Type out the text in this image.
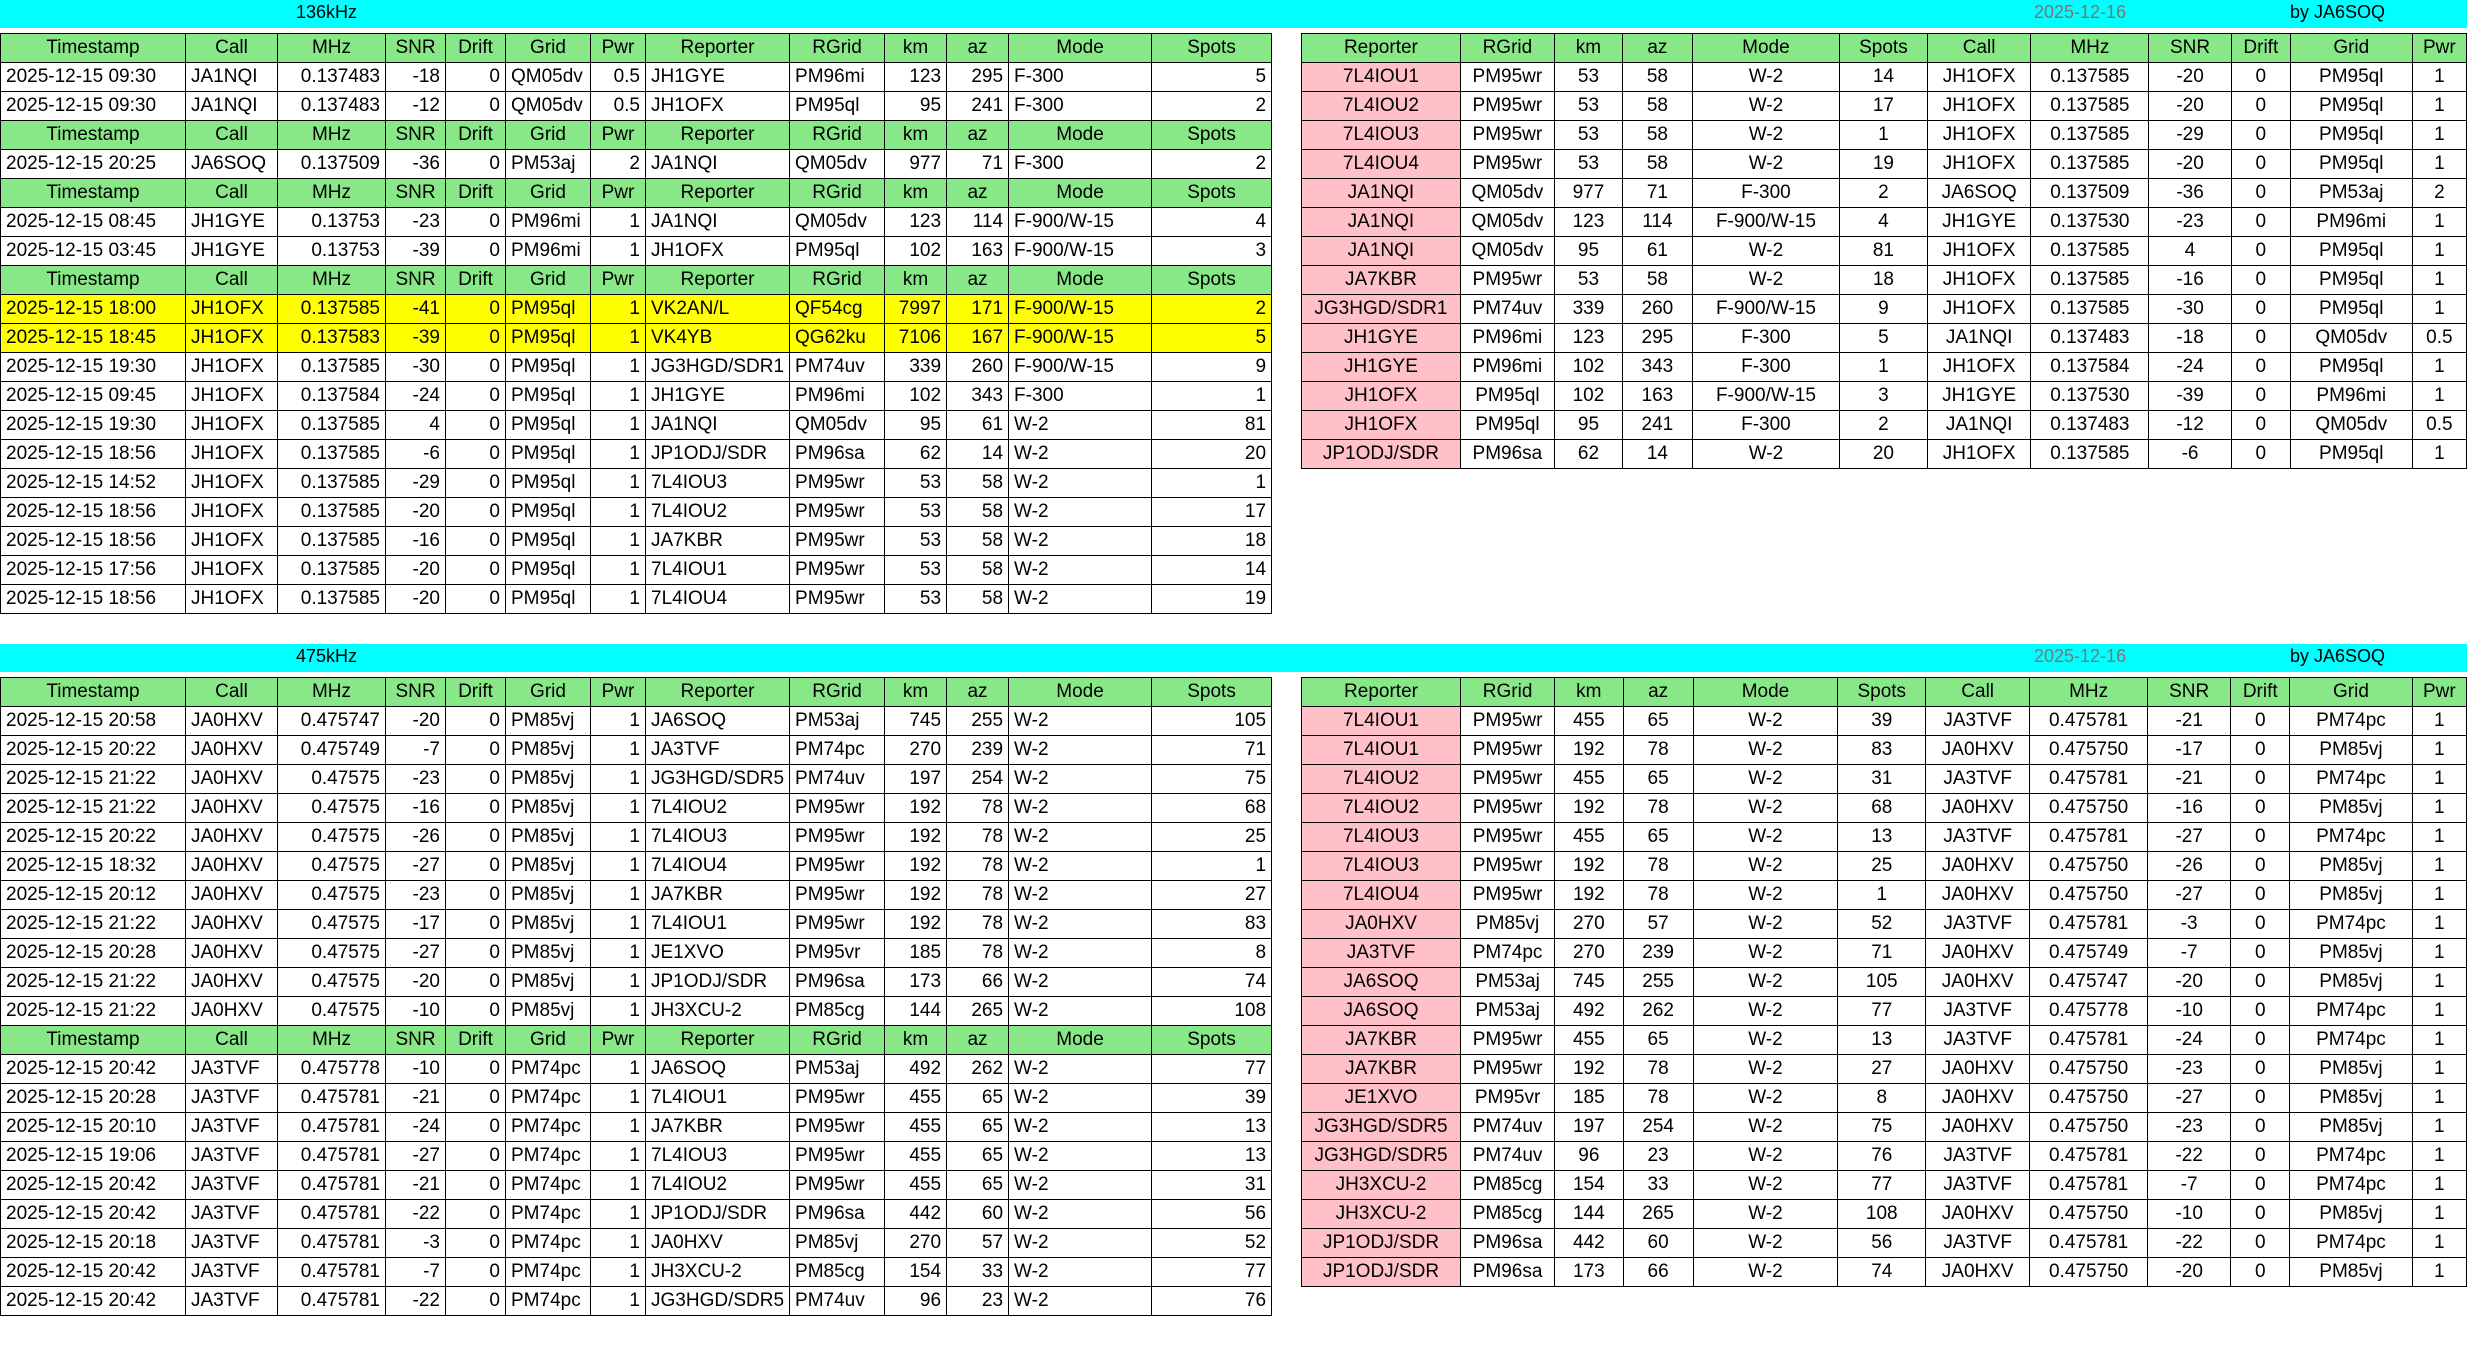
136kHz	2025-12-16	by JA6SOQ
475kHz	2025-12-16	by JA6SOQ
Timestamp	Call	MHz	SNR	Drift	Grid	Pwr	Reporter	RGrid	km	az	Mode	Spots
2025-12-15 09:30	JA1NQI	0.137483	-18	0	QM05dv	0.5	JH1GYE	PM96mi	123	295	F-300	5
2025-12-15 09:30	JA1NQI	0.137483	-12	0	QM05dv	0.5	JH1OFX	PM95ql	95	241	F-300	2
Timestamp	Call	MHz	SNR	Drift	Grid	Pwr	Reporter	RGrid	km	az	Mode	Spots
2025-12-15 20:25	JA6SOQ	0.137509	-36	0	PM53aj	2	JA1NQI	QM05dv	977	71	F-300	2
Timestamp	Call	MHz	SNR	Drift	Grid	Pwr	Reporter	RGrid	km	az	Mode	Spots
2025-12-15 08:45	JH1GYE	0.13753	-23	0	PM96mi	1	JA1NQI	QM05dv	123	114	F-900/W-15	4
2025-12-15 03:45	JH1GYE	0.13753	-39	0	PM96mi	1	JH1OFX	PM95ql	102	163	F-900/W-15	3
Timestamp	Call	MHz	SNR	Drift	Grid	Pwr	Reporter	RGrid	km	az	Mode	Spots
2025-12-15 18:00	JH1OFX	0.137585	-41	0	PM95ql	1	VK2AN/L	QF54cg	7997	171	F-900/W-15	2
2025-12-15 18:45	JH1OFX	0.137583	-39	0	PM95ql	1	VK4YB	QG62ku	7106	167	F-900/W-15	5
2025-12-15 19:30	JH1OFX	0.137585	-30	0	PM95ql	1	JG3HGD/SDR1	PM74uv	339	260	F-900/W-15	9
2025-12-15 09:45	JH1OFX	0.137584	-24	0	PM95ql	1	JH1GYE	PM96mi	102	343	F-300	1
2025-12-15 19:30	JH1OFX	0.137585	4	0	PM95ql	1	JA1NQI	QM05dv	95	61	W-2	81
2025-12-15 18:56	JH1OFX	0.137585	-6	0	PM95ql	1	JP1ODJ/SDR	PM96sa	62	14	W-2	20
2025-12-15 14:52	JH1OFX	0.137585	-29	0	PM95ql	1	7L4IOU3	PM95wr	53	58	W-2	1
2025-12-15 18:56	JH1OFX	0.137585	-20	0	PM95ql	1	7L4IOU2	PM95wr	53	58	W-2	17
2025-12-15 18:56	JH1OFX	0.137585	-16	0	PM95ql	1	JA7KBR	PM95wr	53	58	W-2	18
2025-12-15 17:56	JH1OFX	0.137585	-20	0	PM95ql	1	7L4IOU1	PM95wr	53	58	W-2	14
2025-12-15 18:56	JH1OFX	0.137585	-20	0	PM95ql	1	7L4IOU4	PM95wr	53	58	W-2	19
Reporter	RGrid	km	az	Mode	Spots	Call	MHz	SNR	Drift	Grid	Pwr
7L4IOU1	PM95wr	53	58	W-2	14	JH1OFX	0.137585	-20	0	PM95ql	1
7L4IOU2	PM95wr	53	58	W-2	17	JH1OFX	0.137585	-20	0	PM95ql	1
7L4IOU3	PM95wr	53	58	W-2	1	JH1OFX	0.137585	-29	0	PM95ql	1
7L4IOU4	PM95wr	53	58	W-2	19	JH1OFX	0.137585	-20	0	PM95ql	1
JA1NQI	QM05dv	977	71	F-300	2	JA6SOQ	0.137509	-36	0	PM53aj	2
JA1NQI	QM05dv	123	114	F-900/W-15	4	JH1GYE	0.137530	-23	0	PM96mi	1
JA1NQI	QM05dv	95	61	W-2	81	JH1OFX	0.137585	4	0	PM95ql	1
JA7KBR	PM95wr	53	58	W-2	18	JH1OFX	0.137585	-16	0	PM95ql	1
JG3HGD/SDR1	PM74uv	339	260	F-900/W-15	9	JH1OFX	0.137585	-30	0	PM95ql	1
JH1GYE	PM96mi	123	295	F-300	5	JA1NQI	0.137483	-18	0	QM05dv	0.5
JH1GYE	PM96mi	102	343	F-300	1	JH1OFX	0.137584	-24	0	PM95ql	1
JH1OFX	PM95ql	102	163	F-900/W-15	3	JH1GYE	0.137530	-39	0	PM96mi	1
JH1OFX	PM95ql	95	241	F-300	2	JA1NQI	0.137483	-12	0	QM05dv	0.5
JP1ODJ/SDR	PM96sa	62	14	W-2	20	JH1OFX	0.137585	-6	0	PM95ql	1
Timestamp	Call	MHz	SNR	Drift	Grid	Pwr	Reporter	RGrid	km	az	Mode	Spots
2025-12-15 20:58	JA0HXV	0.475747	-20	0	PM85vj	1	JA6SOQ	PM53aj	745	255	W-2	105
2025-12-15 20:22	JA0HXV	0.475749	-7	0	PM85vj	1	JA3TVF	PM74pc	270	239	W-2	71
2025-12-15 21:22	JA0HXV	0.47575	-23	0	PM85vj	1	JG3HGD/SDR5	PM74uv	197	254	W-2	75
2025-12-15 21:22	JA0HXV	0.47575	-16	0	PM85vj	1	7L4IOU2	PM95wr	192	78	W-2	68
2025-12-15 20:22	JA0HXV	0.47575	-26	0	PM85vj	1	7L4IOU3	PM95wr	192	78	W-2	25
2025-12-15 18:32	JA0HXV	0.47575	-27	0	PM85vj	1	7L4IOU4	PM95wr	192	78	W-2	1
2025-12-15 20:12	JA0HXV	0.47575	-23	0	PM85vj	1	JA7KBR	PM95wr	192	78	W-2	27
2025-12-15 21:22	JA0HXV	0.47575	-17	0	PM85vj	1	7L4IOU1	PM95wr	192	78	W-2	83
2025-12-15 20:28	JA0HXV	0.47575	-27	0	PM85vj	1	JE1XVO	PM95vr	185	78	W-2	8
2025-12-15 21:22	JA0HXV	0.47575	-20	0	PM85vj	1	JP1ODJ/SDR	PM96sa	173	66	W-2	74
2025-12-15 21:22	JA0HXV	0.47575	-10	0	PM85vj	1	JH3XCU-2	PM85cg	144	265	W-2	108
Timestamp	Call	MHz	SNR	Drift	Grid	Pwr	Reporter	RGrid	km	az	Mode	Spots
2025-12-15 20:42	JA3TVF	0.475778	-10	0	PM74pc	1	JA6SOQ	PM53aj	492	262	W-2	77
2025-12-15 20:28	JA3TVF	0.475781	-21	0	PM74pc	1	7L4IOU1	PM95wr	455	65	W-2	39
2025-12-15 20:10	JA3TVF	0.475781	-24	0	PM74pc	1	JA7KBR	PM95wr	455	65	W-2	13
2025-12-15 19:06	JA3TVF	0.475781	-27	0	PM74pc	1	7L4IOU3	PM95wr	455	65	W-2	13
2025-12-15 20:42	JA3TVF	0.475781	-21	0	PM74pc	1	7L4IOU2	PM95wr	455	65	W-2	31
2025-12-15 20:42	JA3TVF	0.475781	-22	0	PM74pc	1	JP1ODJ/SDR	PM96sa	442	60	W-2	56
2025-12-15 20:18	JA3TVF	0.475781	-3	0	PM74pc	1	JA0HXV	PM85vj	270	57	W-2	52
2025-12-15 20:42	JA3TVF	0.475781	-7	0	PM74pc	1	JH3XCU-2	PM85cg	154	33	W-2	77
2025-12-15 20:42	JA3TVF	0.475781	-22	0	PM74pc	1	JG3HGD/SDR5	PM74uv	96	23	W-2	76
Reporter	RGrid	km	az	Mode	Spots	Call	MHz	SNR	Drift	Grid	Pwr
7L4IOU1	PM95wr	455	65	W-2	39	JA3TVF	0.475781	-21	0	PM74pc	1
7L4IOU1	PM95wr	192	78	W-2	83	JA0HXV	0.475750	-17	0	PM85vj	1
7L4IOU2	PM95wr	455	65	W-2	31	JA3TVF	0.475781	-21	0	PM74pc	1
7L4IOU2	PM95wr	192	78	W-2	68	JA0HXV	0.475750	-16	0	PM85vj	1
7L4IOU3	PM95wr	455	65	W-2	13	JA3TVF	0.475781	-27	0	PM74pc	1
7L4IOU3	PM95wr	192	78	W-2	25	JA0HXV	0.475750	-26	0	PM85vj	1
7L4IOU4	PM95wr	192	78	W-2	1	JA0HXV	0.475750	-27	0	PM85vj	1
JA0HXV	PM85vj	270	57	W-2	52	JA3TVF	0.475781	-3	0	PM74pc	1
JA3TVF	PM74pc	270	239	W-2	71	JA0HXV	0.475749	-7	0	PM85vj	1
JA6SOQ	PM53aj	745	255	W-2	105	JA0HXV	0.475747	-20	0	PM85vj	1
JA6SOQ	PM53aj	492	262	W-2	77	JA3TVF	0.475778	-10	0	PM74pc	1
JA7KBR	PM95wr	455	65	W-2	13	JA3TVF	0.475781	-24	0	PM74pc	1
JA7KBR	PM95wr	192	78	W-2	27	JA0HXV	0.475750	-23	0	PM85vj	1
JE1XVO	PM95vr	185	78	W-2	8	JA0HXV	0.475750	-27	0	PM85vj	1
JG3HGD/SDR5	PM74uv	197	254	W-2	75	JA0HXV	0.475750	-23	0	PM85vj	1
JG3HGD/SDR5	PM74uv	96	23	W-2	76	JA3TVF	0.475781	-22	0	PM74pc	1
JH3XCU-2	PM85cg	154	33	W-2	77	JA3TVF	0.475781	-7	0	PM74pc	1
JH3XCU-2	PM85cg	144	265	W-2	108	JA0HXV	0.475750	-10	0	PM85vj	1
JP1ODJ/SDR	PM96sa	442	60	W-2	56	JA3TVF	0.475781	-22	0	PM74pc	1
JP1ODJ/SDR	PM96sa	173	66	W-2	74	JA0HXV	0.475750	-20	0	PM85vj	1
